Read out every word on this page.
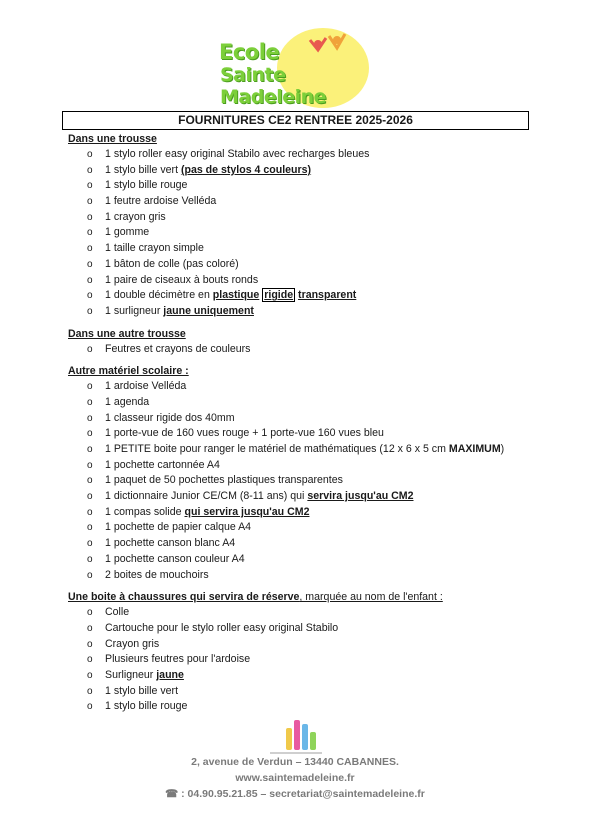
Ecole
Sainte Madeleine
FOURNITURES CE2 RENTREE 2025-2026
Dans une trousse
o 1 stylo roller easy original Stabilo avec recharges bleues
o 1 stylo bille vert (pas de stylos 4 couleurs)
o 1 stylo bille rouge
o 1 feutre ardoise Velléda
o 1 crayon gris
o 1 gomme
o 1 taille crayon simple
o 1 bâton de colle (pas coloré)
o 1 paire de ciseaux à bouts ronds
o 1 double décimètre en plastique rigide transparent
o 1 surligneur jaune uniquement
Dans une autre trousse
o Feutres et crayons de couleurs
Autre matériel scolaire :
o 1 ardoise Velléda
o 1 agenda
o 1 classeur rigide dos 40mm
o 1 porte-vue de 160 vues rouge + 1 porte-vue 160 vues bleu
o 1 PETITE boite pour ranger le matériel de mathématiques (12 x 6 x 5 cm MAXIMUM)
o 1 pochette cartonnée A4
o 1 paquet de 50 pochettes plastiques transparentes
o 1 dictionnaire Junior CE/CM (8-11 ans) qui servira jusqu'au CM2
o 1 compas solide qui servira jusqu'au CM2
o 1 pochette de papier calque A4
o 1 pochette canson blanc A4
o 1 pochette canson couleur A4
o 2 boites de mouchoirs
Une boite à chaussures qui servira de réserve, marquée au nom de l'enfant :
o Colle
o Cartouche pour le stylo roller easy original Stabilo
o Crayon gris
o Plusieurs feutres pour l'ardoise
o Surligneur jaune
o 1 stylo bille vert
o 1 stylo bille rouge
2, avenue de Verdun – 13440 CABANNES.
www.saintemadeleine.fr
☎ : 04.90.95.21.85 – secretariat@saintemadeleine.fr
